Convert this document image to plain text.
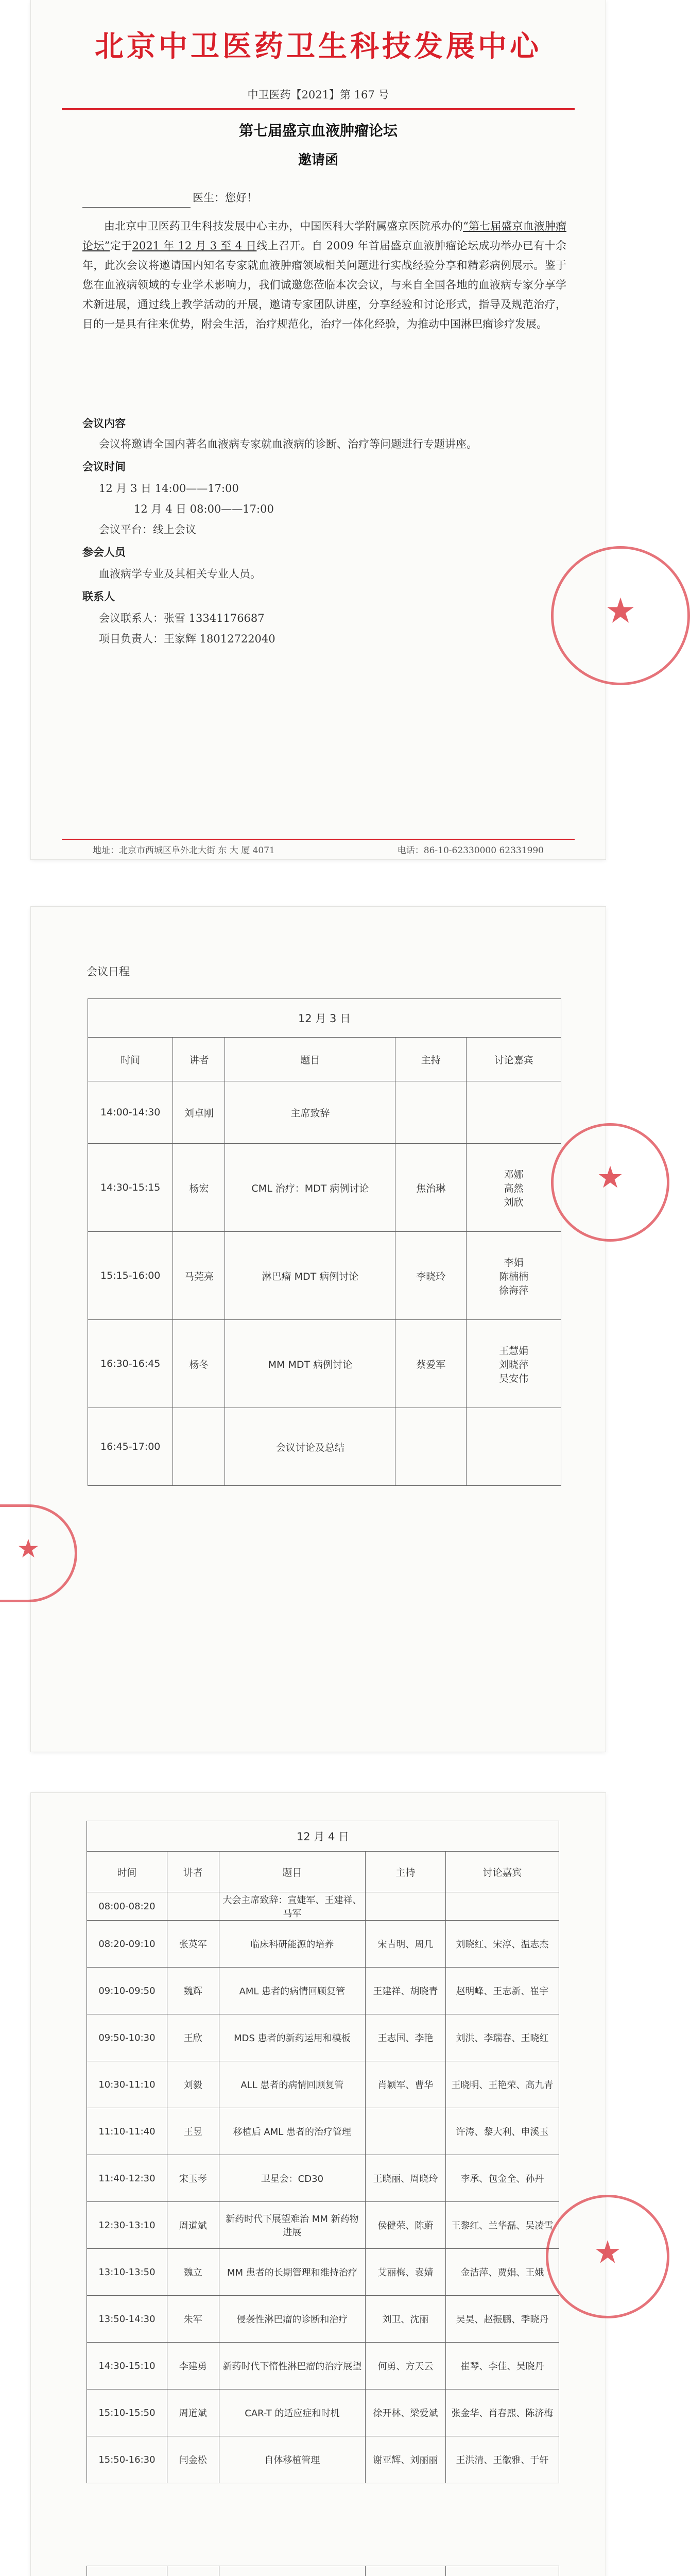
北京中卫医药卫生科技发展中心
中卫医药【2021】第 167 号
第七届盛京血液肿瘤论坛
邀请函
医生：您好！
由北京中卫医药卫生科技发展中心主办，中国医科大学附属盛京医院承办的“第七届盛京血液肿瘤论坛”定于2021 年 12 月 3 至 4 日线上召开。自 2009 年首届盛京血液肿瘤论坛成功举办已有十余年，此次会议将邀请国内知名专家就血液肿瘤领域相关问题进行实战经验分享和精彩病例展示。鉴于您在血液病领域的专业学术影响力，我们诚邀您莅临本次会议，与来自全国各地的血液病专家分享学术新进展，通过线上教学活动的开展，邀请专家团队讲座，分享经验和讨论形式，指导及规范治疗，目的一是具有往来优势，附会生活，治疗规范化，治疗一体化经验，为推动中国淋巴瘤诊疗发展。
会议内容
会议将邀请全国内著名血液病专家就血液病的诊断、治疗等问题进行专题讲座。
会议时间
12 月 3 日 14:00——17:00
12 月 4 日 08:00——17:00
会议平台：线上会议
参会人员
血液病学专业及其相关专业人员。
联系人
会议联系人：张雪 13341176687
项目负责人：王家辉 18012722040
★
地址：北京市西城区阜外北大街 东 大 厦 4071	电话：86-10-62330000 62331990
会议日程
12 月 3 日				
时间	讲者	题目	主持	讨论嘉宾
14:00-14:30	刘卓刚	主席致辞		
14:30-15:15	杨宏	CML 治疗：MDT 病例讨论	焦治琳	邓娜
高然
刘欣
15:15-16:00	马莞亮	淋巴瘤 MDT 病例讨论	李晓玲	李娟
陈楠楠
徐海萍
16:30-16:45	杨冬	MM MDT 病例讨论	蔡爱军	王慧娟
刘晓萍
吴安伟
16:45-17:00		会议讨论及总结		
★
★
12 月 4 日				
时间	讲者	题目	主持	讨论嘉宾
08:00-08:20		大会主席致辞：宣婕军、王建祥、马军		
08:20-09:10	张英军	临床科研能源的培养	宋吉明、周几	刘晓红、宋淳、温志杰
09:10-09:50	魏辉	AML 患者的病情回顾复管	王建祥、胡晓青	赵明峰、王志新、崔宇
09:50-10:30	王欣	MDS 患者的新药运用和模板	王志国、李艳	刘洪、李瑞春、王晓红
10:30-11:10	刘毅	ALL 患者的病情回顾复管	肖颖军、曹华	王晓明、王艳荣、高九青
11:10-11:40	王昱	移植后 AML 患者的治疗管理		许涛、黎大利、申溪玉
11:40-12:30	宋玉琴	卫星会：CD30	王晓丽、周晓玲	李承、包金全、孙丹
12:30-13:10	周道斌	新药时代下展望难治 MM 新药物进展	侯健荣、陈蔚	王黎红、兰华磊、吴凌雪
13:10-13:50	魏立	MM 患者的长期管理和维持治疗	艾丽梅、袁婧	金洁萍、贾娟、王娥
13:50-14:30	朱军	侵袭性淋巴瘤的诊断和治疗	刘卫、沈丽	吴昊、赵振鹏、季晓丹
14:30-15:10	李建勇	新药时代下惰性淋巴瘤的治疗展望	何勇、方天云	崔琴、李佳、吴晓丹
15:10-15:50	周道斌	CAR-T 的适应症和时机	徐开林、梁爱斌	张金华、肖春熙、陈济梅
15:50-16:30	闫金松	自体移植管理	谢亚辉、刘丽丽	王洪清、王徽雅、于轩
★
